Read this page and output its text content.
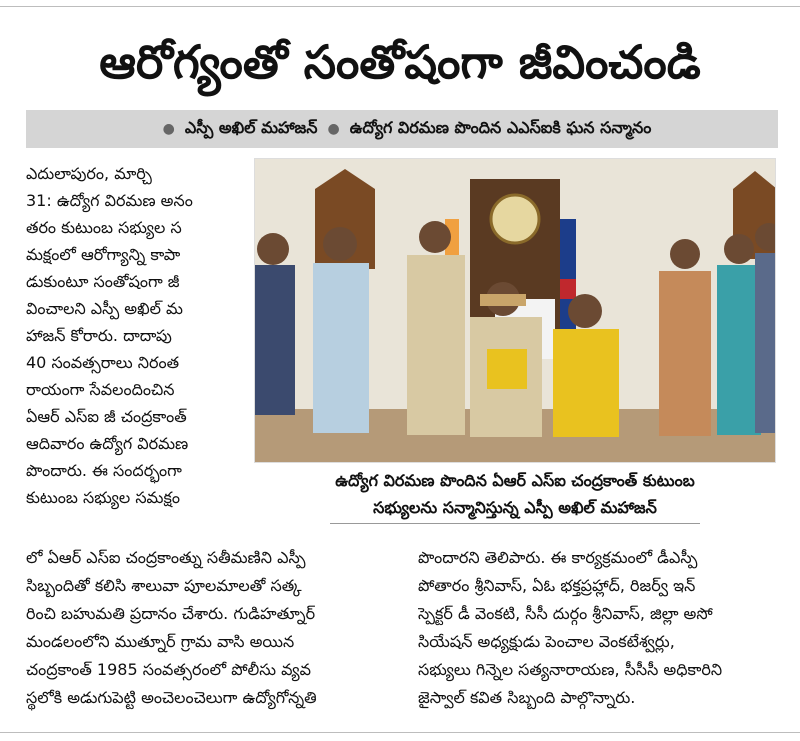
ఆరోగ్యంతో సంతోషంగా జీవించండి
● ఎస్పీ అఖిల్ మహాజన్ ● ఉద్యోగ విరమణ పొందిన ఎఎస్ఐకి ఘన సన్మానం
ఎదులాపురం, మార్చి
31: ఉద్యోగ విరమణ అనం
తరం కుటుంబ సభ్యుల స
మక్షంలో ఆరోగ్యాన్ని కాపా
డుకుంటూ సంతోషంగా జీ
వించాలని ఎస్పీ అఖిల్ మ
హాజన్ కోరారు. దాదాపు
40 సంవత్సరాలు నిరంత
రాయంగా సేవలందించిన
ఏఆర్ ఎస్ఐ జీ చంద్రకాంత్
ఆదివారం ఉద్యోగ విరమణ
పొందారు. ఈ సందర్భంగా
కుటుంబ సభ్యుల సమక్షం
ఉద్యోగ విరమణ పొందిన ఏఆర్ ఎస్ఐ చంద్రకాంత్ కుటుంబ
సభ్యులను సన్మానిస్తున్న ఎస్పీ అఖిల్ మహాజన్
లో ఏఆర్ ఎస్ఐ చంద్రకాంత్ను సతీమణిని ఎస్పీ
సిబ్బందితో కలిసి శాలువా పూలమాలతో సత్క
రించి బహుమతి ప్రదానం చేశారు. గుడిహత్నూర్
మండలంలోని ముత్నూర్ గ్రామ వాసి అయిన
చంద్రకాంత్ 1985 సంవత్సరంలో పోలీసు వ్యవ
స్థలోకి అడుగుపెట్టి అంచెలంచెలుగా ఉద్యోగోన్నతి
పొందారని తెలిపారు. ఈ కార్యక్రమంలో డీఎస్పీ
పోతారం శ్రీనివాస్, ఏఓ భక్తప్రహ్లాద్, రిజర్వ్ ఇన్
స్పెక్టర్ డీ వెంకటి, సీసీ దుర్గం శ్రీనివాస్, జిల్లా అసో
సియేషన్ అధ్యక్షుడు పెంచాల వెంకటేశ్వర్లు,
సభ్యులు గిన్నెల సత్యనారాయణ, సీసీసీ అధికారిని
జైస్వాల్ కవిత సిబ్బంది పాల్గొన్నారు.
